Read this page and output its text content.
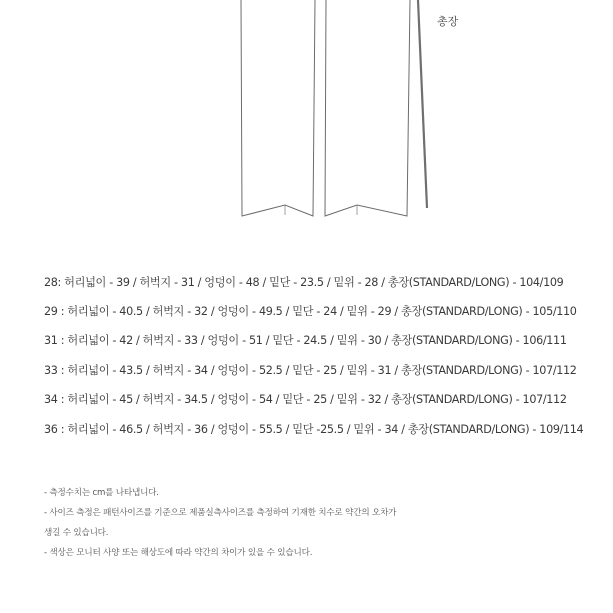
총장
28: 허리넓이 - 39 / 허벅지 - 31 / 엉덩이 - 48 / 밑단 - 23.5 / 밑위 - 28 / 총장(STANDARD/LONG) - 104/109
29 : 허리넓이 - 40.5 / 허벅지 - 32 / 엉덩이 - 49.5 / 밑단 - 24 / 밑위 - 29 / 총장(STANDARD/LONG) - 105/110
31 : 허리넓이 - 42 / 허벅지 - 33 / 엉덩이 - 51 / 밑단 - 24.5 / 밑위 - 30 / 총장(STANDARD/LONG) - 106/111
33 : 허리넓이 - 43.5 / 허벅지 - 34 / 엉덩이 - 52.5 / 밑단 - 25 / 밑위 - 31 / 총장(STANDARD/LONG) - 107/112
34 : 허리넓이 - 45 / 허벅지 - 34.5 / 엉덩이 - 54 / 밑단 - 25 / 밑위 - 32 / 총장(STANDARD/LONG) - 107/112
36 : 허리넓이 - 46.5 / 허벅지 - 36 / 엉덩이 - 55.5 / 밑단 -25.5 / 밑위 - 34 / 총장(STANDARD/LONG) - 109/114
- 측정수치는 cm를 나타냅니다.
- 사이즈 측정은 패턴사이즈를 기준으로 제품실측사이즈를 측정하여 기재한 치수로 약간의 오차가
생길 수 있습니다.
- 색상은 모니터 사양 또는 해상도에 따라 약간의 차이가 있을 수 있습니다.
